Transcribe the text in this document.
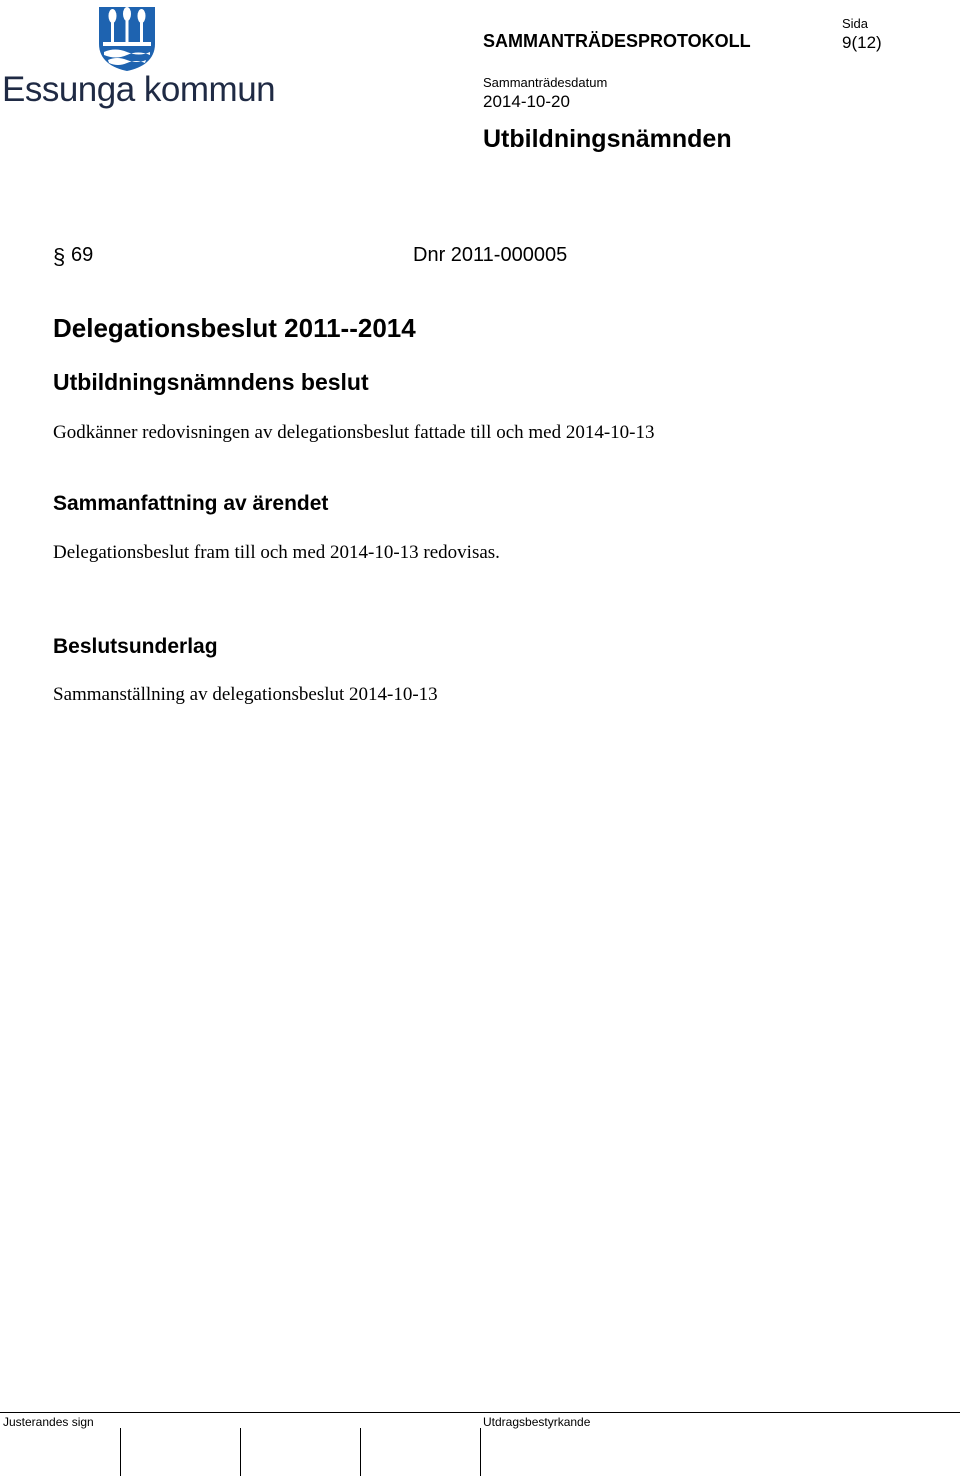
Essunga kommun
SAMMANTRÄDESPROTOKOLL
Sida
9(12)
Sammanträdesdatum
2014-10-20
Utbildningsnämnden
§ 69	Dnr 2011-000005
Delegationsbeslut 2011--2014
Utbildningsnämndens beslut
Godkänner redovisningen av delegationsbeslut fattade till och med 2014-10-13
Sammanfattning av ärendet
Delegationsbeslut fram till och med 2014-10-13 redovisas.
Beslutsunderlag
Sammanställning av delegationsbeslut 2014-10-13
Justerandes sign	Utdragsbestyrkande
